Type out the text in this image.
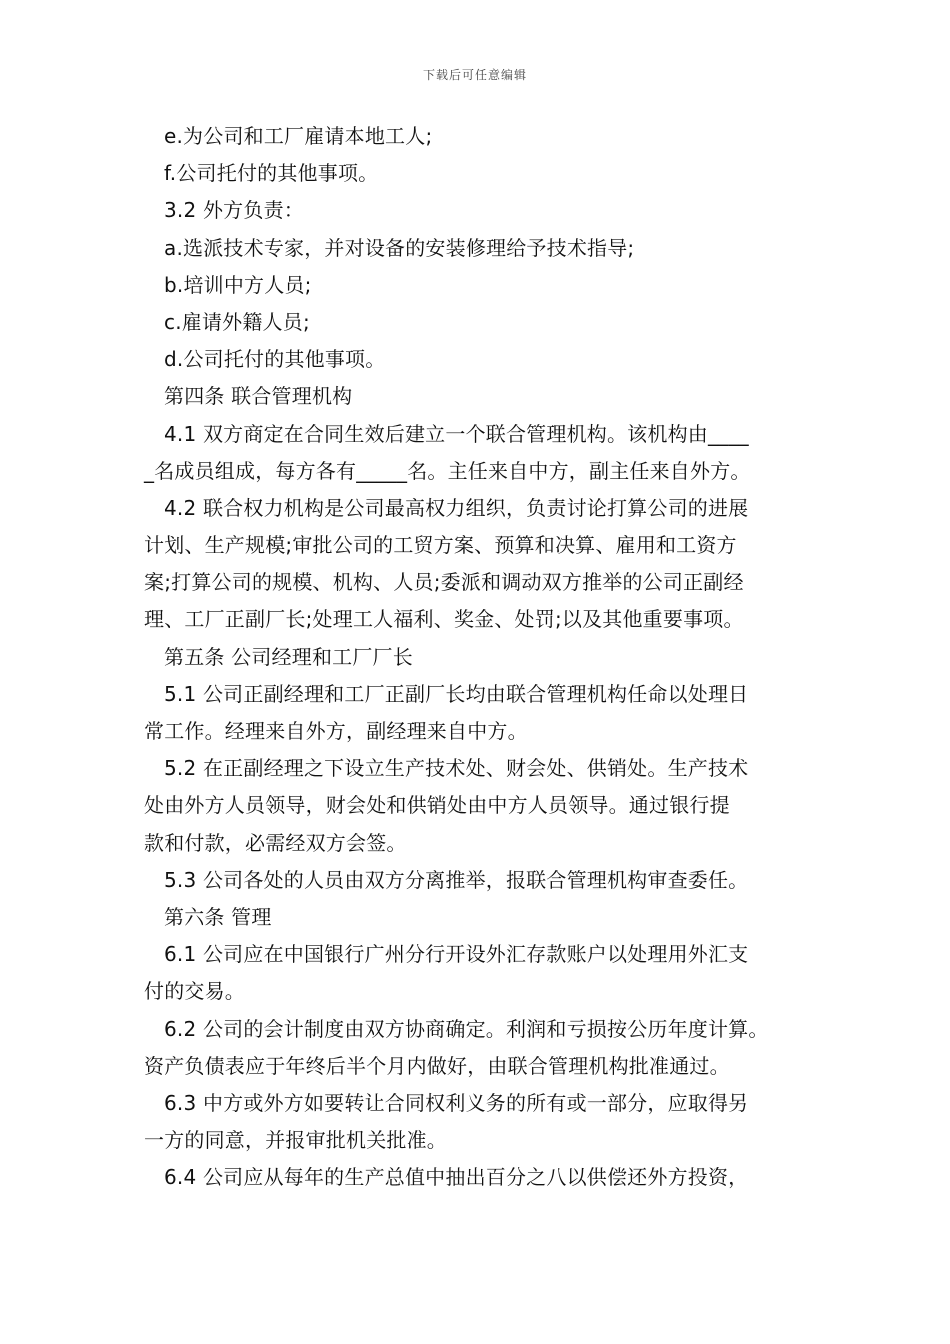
下载后可任意编辑
e.为公司和工厂雇请本地工人;
f.公司托付的其他事项。
3.2 外方负责：
a.选派技术专家，并对设备的安装修理给予技术指导;
b.培训中方人员;
c.雇请外籍人员;
d.公司托付的其他事项。
第四条 联合管理机构
4.1 双方商定在合同生效后建立一个联合管理机构。该机构由____
_名成员组成，每方各有_____名。主任来自中方，副主任来自外方。
4.2 联合权力机构是公司最高权力组织，负责讨论打算公司的进展
计划、生产规模;审批公司的工贸方案、预算和决算、雇用和工资方
案;打算公司的规模、机构、人员;委派和调动双方推举的公司正副经
理、工厂正副厂长;处理工人福利、奖金、处罚;以及其他重要事项。
第五条 公司经理和工厂厂长
5.1 公司正副经理和工厂正副厂长均由联合管理机构任命以处理日
常工作。经理来自外方，副经理来自中方。
5.2 在正副经理之下设立生产技术处、财会处、供销处。生产技术
处由外方人员领导，财会处和供销处由中方人员领导。通过银行提
款和付款，必需经双方会签。
5.3 公司各处的人员由双方分离推举，报联合管理机构审查委任。
第六条 管理
6.1 公司应在中国银行广州分行开设外汇存款账户以处理用外汇支
付的交易。
6.2 公司的会计制度由双方协商确定。利润和亏损按公历年度计算。
资产负债表应于年终后半个月内做好，由联合管理机构批准通过。
6.3 中方或外方如要转让合同权利义务的所有或一部分，应取得另
一方的同意，并报审批机关批准。
6.4 公司应从每年的生产总值中抽出百分之八以供偿还外方投资，
